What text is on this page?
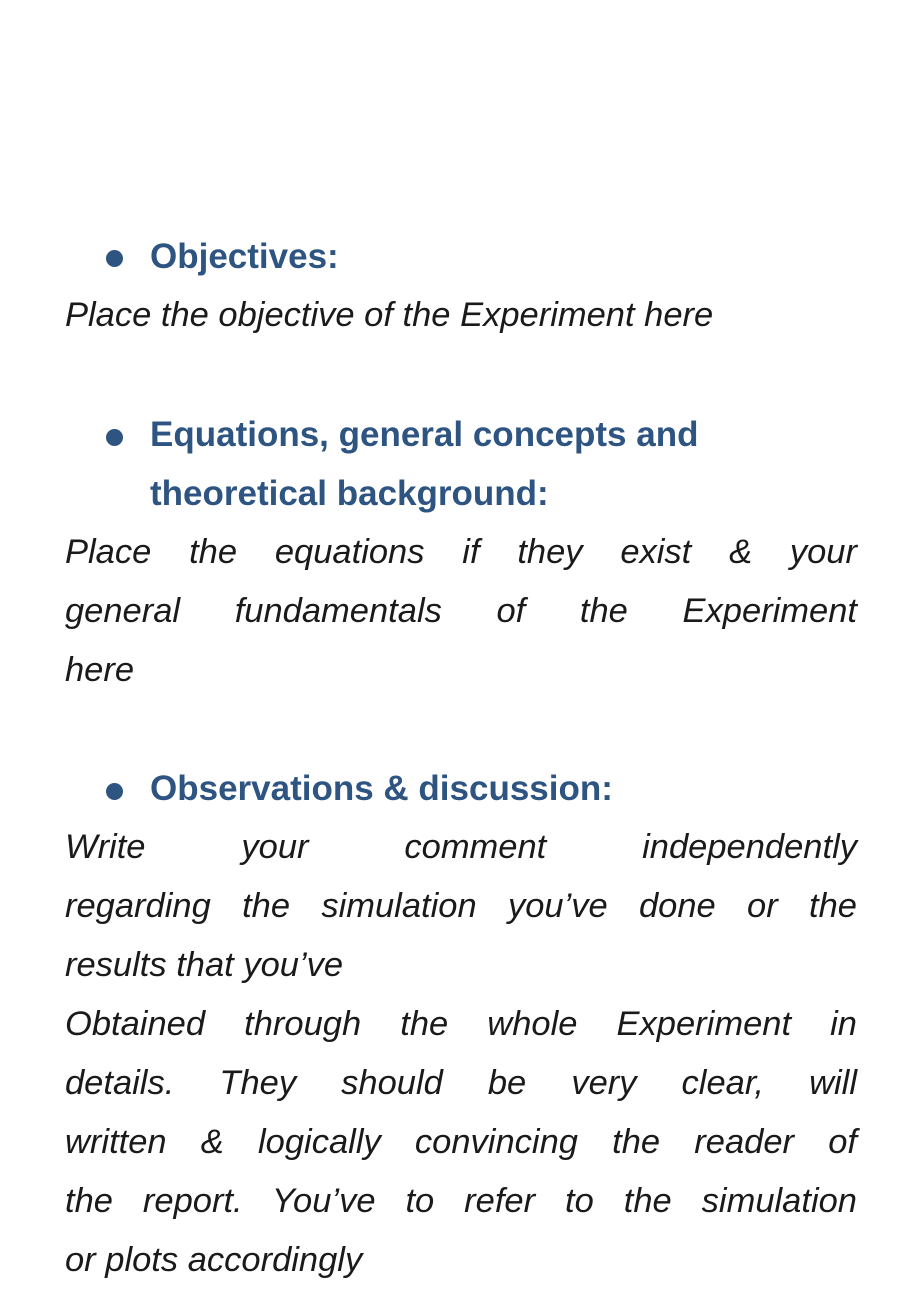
Objectives:

Place the objective of the Experiment here

Equations, general concepts and
theoretical background:
Place the equations if they exist & your
general fundamentals of the Experiment
here
Observations & discussion:
Write your comment independently
regarding the simulation you’ve done or the
results that you’ve
Obtained through the whole Experiment in
details. They should be very clear, will
written & logically convincing the reader of
the report. You’ve to refer to the simulation
or plots accordingly
